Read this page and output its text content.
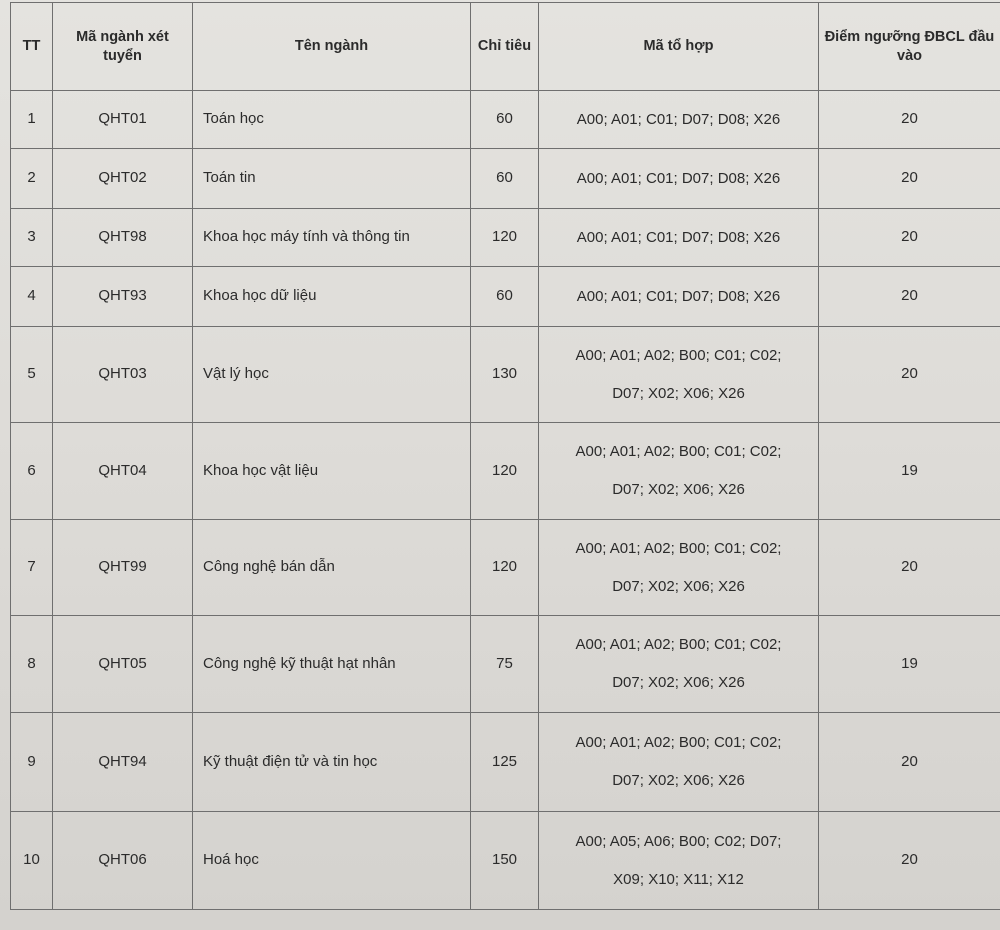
TT	Mã ngành xét tuyển	Tên ngành	Chỉ tiêu	Mã tổ hợp	Điểm ngưỡng ĐBCL đầu vào
1	QHT01	Toán học	60	A00; A01; C01; D07; D08; X26	20
2	QHT02	Toán tin	60	A00; A01; C01; D07; D08; X26	20
3	QHT98	Khoa học máy tính và thông tin	120	A00; A01; C01; D07; D08; X26	20
4	QHT93	Khoa học dữ liệu	60	A00; A01; C01; D07; D08; X26	20
5	QHT03	Vật lý học	130	A00; A01; A02; B00; C01; C02;
D07; X02; X06; X26	20
6	QHT04	Khoa học vật liệu	120	A00; A01; A02; B00; C01; C02;
D07; X02; X06; X26	19
7	QHT99	Công nghệ bán dẫn	120	A00; A01; A02; B00; C01; C02;
D07; X02; X06; X26	20
8	QHT05	Công nghệ kỹ thuật hạt nhân	75	A00; A01; A02; B00; C01; C02;
D07; X02; X06; X26	19
9	QHT94	Kỹ thuật điện tử và tin học	125	A00; A01; A02; B00; C01; C02;
D07; X02; X06; X26	20
10	QHT06	Hoá học	150	A00; A05; A06; B00; C02; D07;
X09; X10; X11; X12	20
